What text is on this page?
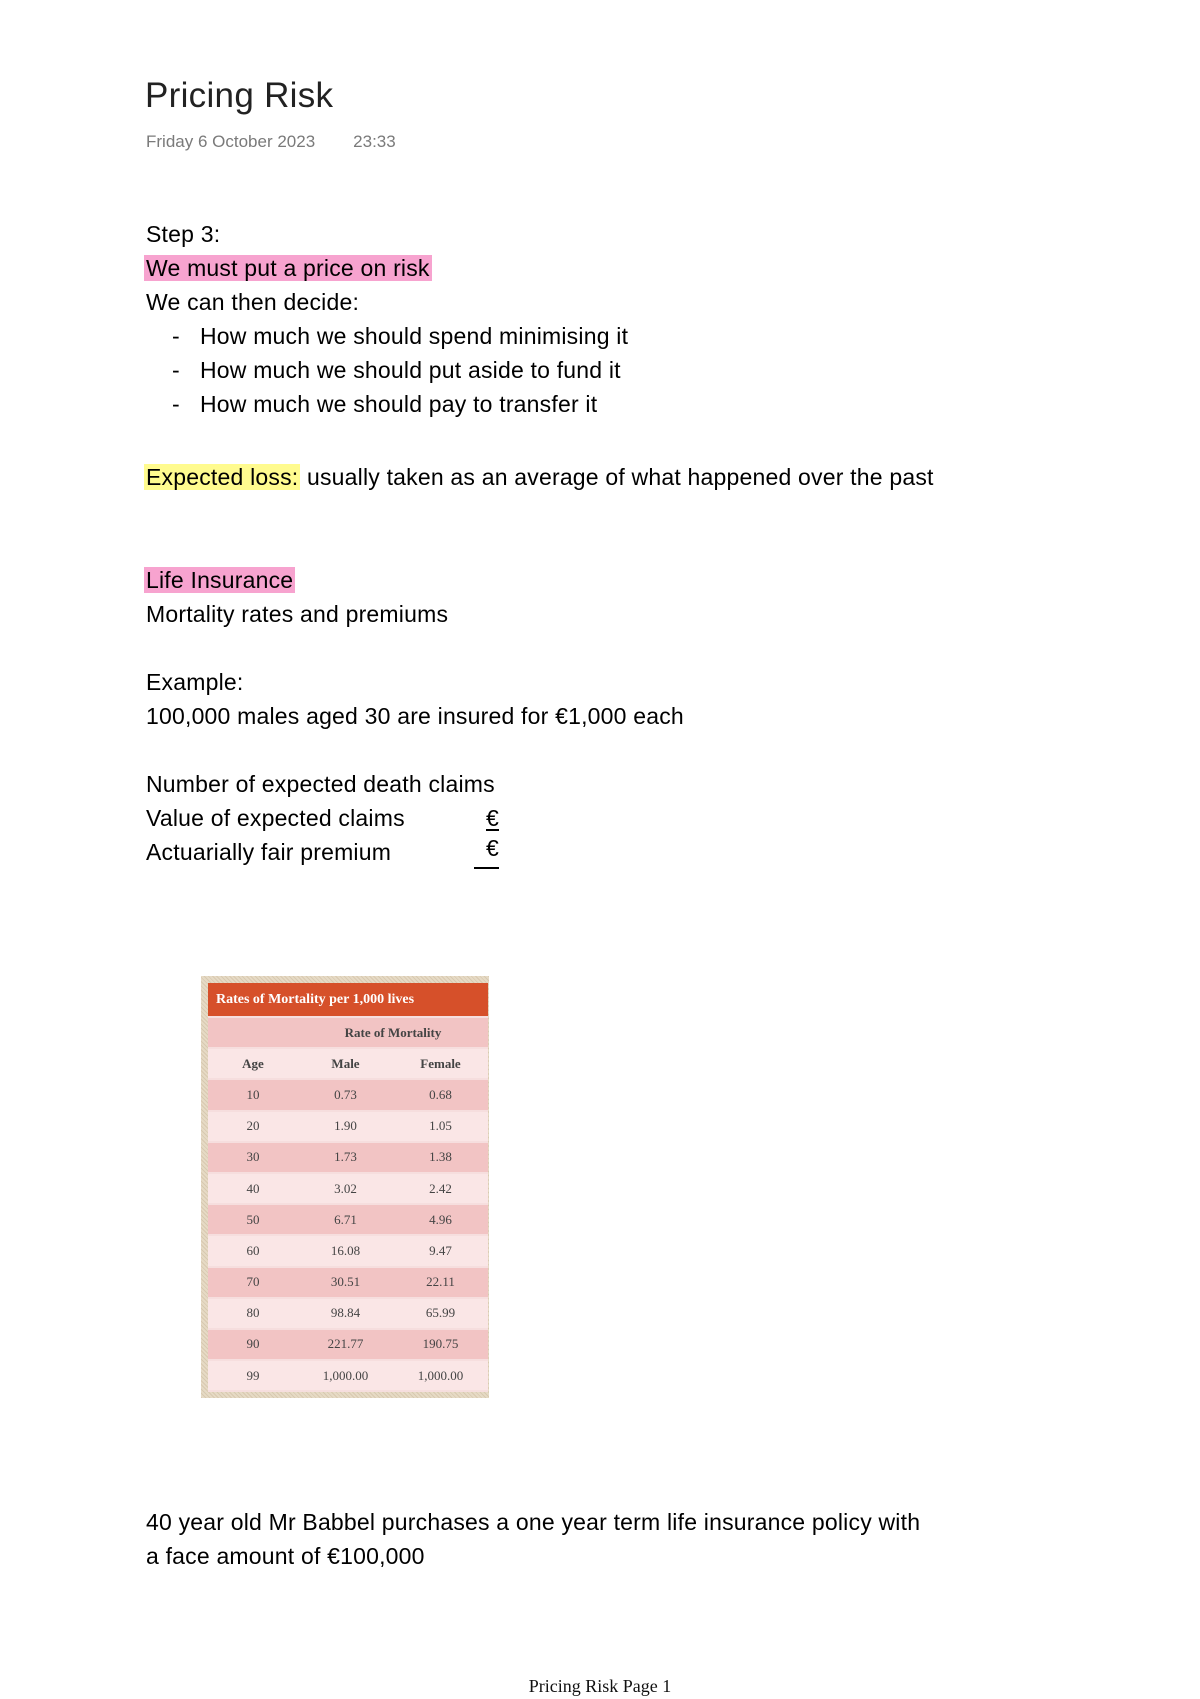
Pricing Risk
Friday 6 October 2023 23:33
Step 3:
We must put a price on risk
We can then decide:
- How much we should spend minimising it
- How much we should put aside to fund it
- How much we should pay to transfer it
Expected loss: usually taken as an average of what happened over the past
Life Insurance
Mortality rates and premiums
Example:
100,000 males aged 30 are insured for €1,000 each
Number of expected death claims
Value of expected claims	€
Actuarially fair premium	€
Rates of Mortality per 1,000 lives		
	Rate of Mortality	
Age	Male	Female
10	0.73	0.68
20	1.90	1.05
30	1.73	1.38
40	3.02	2.42
50	6.71	4.96
60	16.08	9.47
70	30.51	22.11
80	98.84	65.99
90	221.77	190.75
99	1,000.00	1,000.00
40 year old Mr Babbel purchases a one year term life insurance policy with
a face amount of €100,000
Pricing Risk Page 1
